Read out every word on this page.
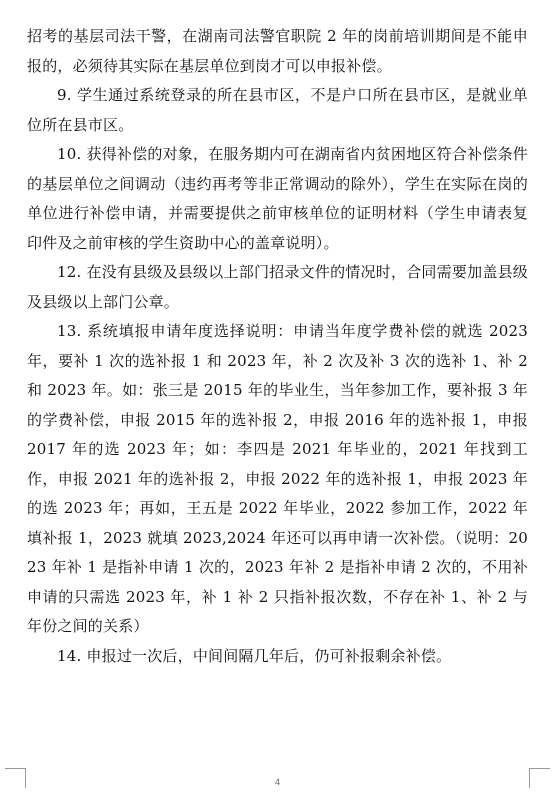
招考的基层司法干警，在湖南司法警官职院 2 年的岗前培训期间是不能申报的，必须待其实际在基层单位到岗才可以申报补偿。

9. 学生通过系统登录的所在县市区，不是户口所在县市区，是就业单位所在县市区。

10. 获得补偿的对象，在服务期内可在湖南省内贫困地区符合补偿条件的基层单位之间调动（违约再考等非正常调动的除外），学生在实际在岗的单位进行补偿申请，并需要提供之前审核单位的证明材料（学生申请表复印件及之前审核的学生资助中心的盖章说明）。

12. 在没有县级及县级以上部门招录文件的情况时，合同需要加盖县级及县级以上部门公章。

13. 系统填报申请年度选择说明：申请当年度学费补偿的就选 2023 年，要补 1 次的选补报 1 和 2023 年，补 2 次及补 3 次的选补 1、补 2 和 2023 年。如：张三是 2015 年的毕业生，当年参加工作，要补报 3 年的学费补偿，申报 2015 年的选补报 2，申报 2016 年的选补报 1，申报 2017 年的选 2023 年；如：李四是 2021 年毕业的，2021 年找到工作，申报 2021 年的选补报 2，申报 2022 年的选补报 1，申报 2023 年的选 2023 年；再如，王五是 2022 年毕业，2022 参加工作，2022 年填补报 1，2023 就填 2023,2024 年还可以再申请一次补偿。（说明：2023 年补 1 是指补申请 1 次的，2023 年补 2 是指补申请 2 次的，不用补申请的只需选 2023 年，补 1 补 2 只指补报次数，不存在补 1、补 2 与年份之间的关系）

14. 申报过一次后，中间间隔几年后，仍可补报剩余补偿。

4
